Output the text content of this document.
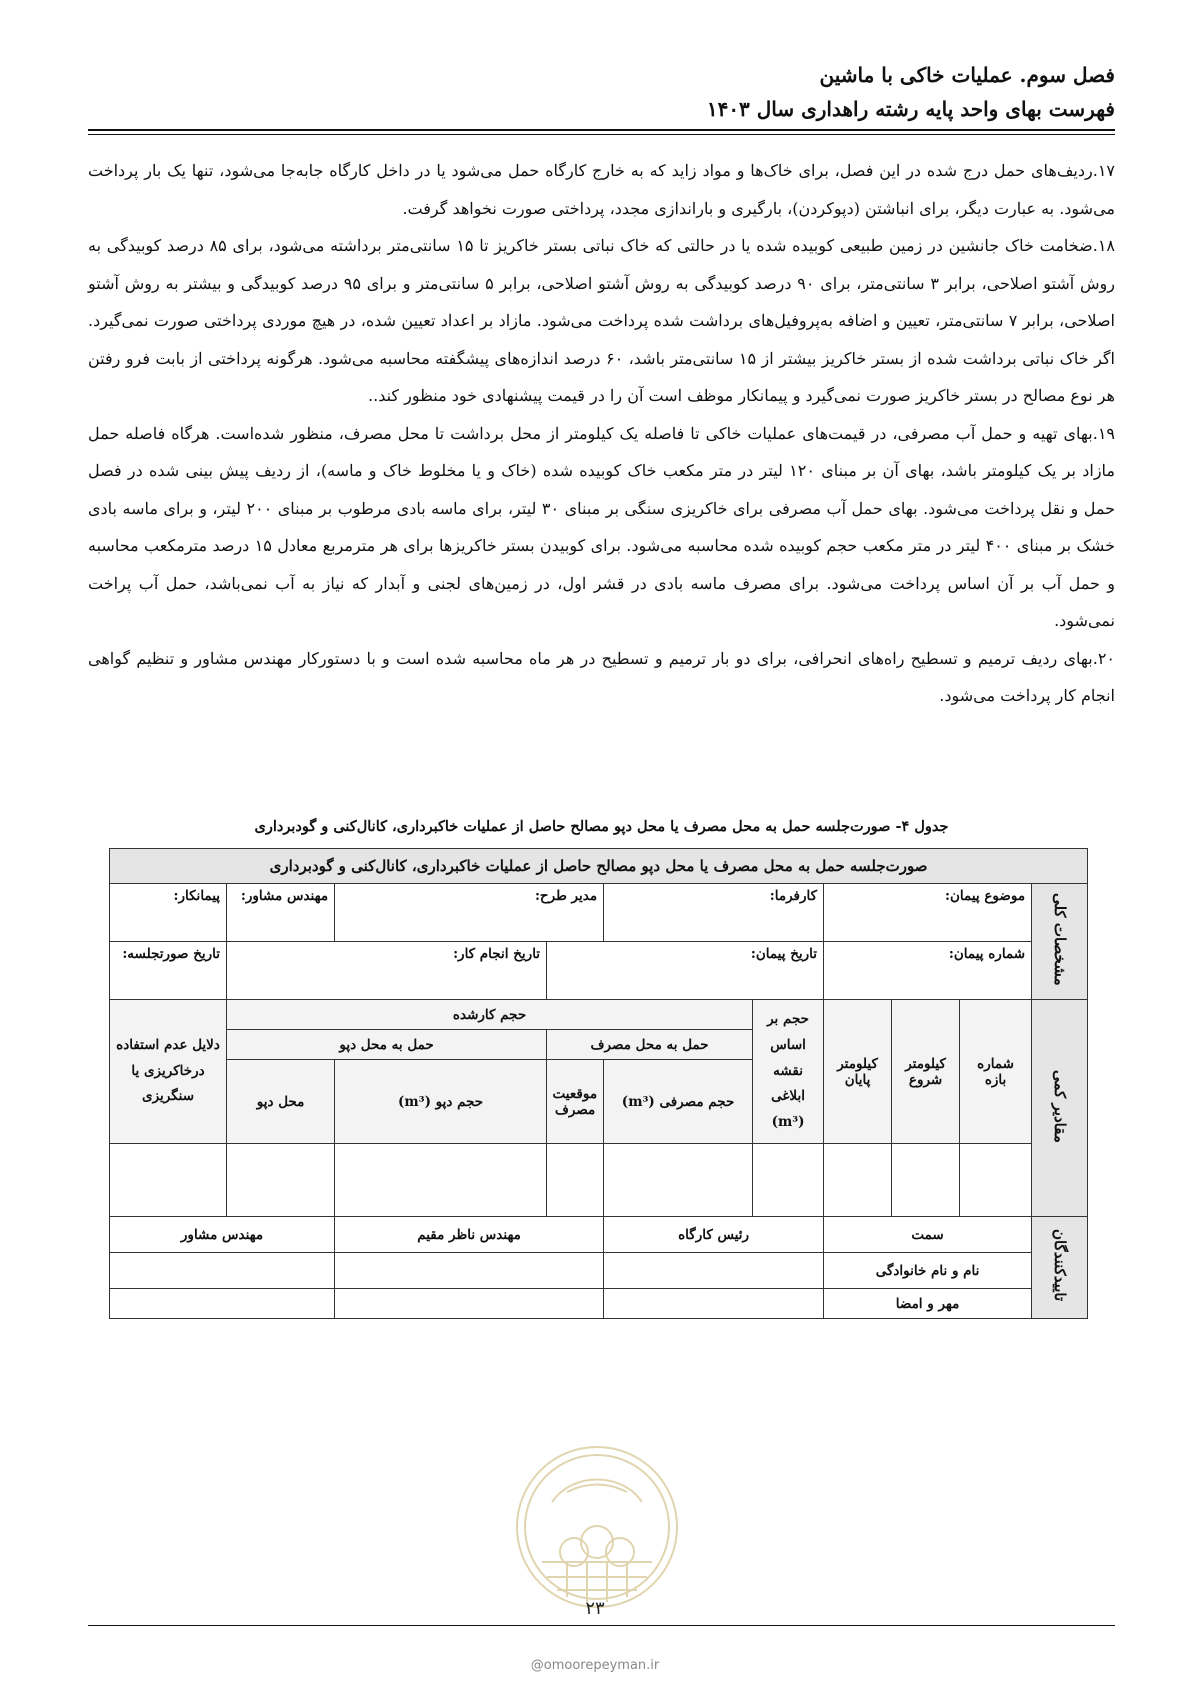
فصل سوم. عملیات خاکی با ماشین
فهرست بهای واحد پایه رشته راهداری سال ۱۴۰۳

۱۷.ردیف‌های حمل درج شده در این فصل، برای خاک‌ها و مواد زاید که به خارج کارگاه حمل می‌شود یا در داخل کارگاه جابه‌جا می‌شود، تنها یک بار پرداخت می‌شود. به عبارت دیگر، برای انباشتن (دپوکردن)، بارگیری و باراندازی مجدد، پرداختی صورت نخواهد گرفت.

۱۸.ضخامت خاک جانشین در زمین طبیعی کوبیده شده یا در حالتی که خاک نباتی بستر خاکریز تا ۱۵ سانتی‌متر برداشته می‌شود، برای ۸۵ درصد کوبیدگی به روش آشتو اصلاحی، برابر ۳ سانتی‌متر، برای ۹۰ درصد کوبیدگی به روش آشتو اصلاحی، برابر ۵ سانتی‌متر و برای ۹۵ درصد کوبیدگی و بیشتر به روش آشتو اصلاحی، برابر ۷ سانتی‌متر، تعیین و اضافه به‌پروفیل‌های برداشت شده پرداخت می‌شود. مازاد بر اعداد تعیین شده، در هیچ موردی پرداختی صورت نمی‌گیرد. اگر خاک نباتی برداشت شده از بستر خاکریز بیشتر از ۱۵ سانتی‌متر باشد، ۶۰ درصد اندازه‌های پیشگفته محاسبه می‌شود. هرگونه پرداختی از بابت فرو رفتن هر نوع مصالح در بستر خاکریز صورت نمی‌گیرد و پیمانکار موظف است آن را در قیمت پیشنهادی خود منظور کند..

۱۹.بهای تهیه و حمل آب مصرفی، در قیمت‌های عملیات خاکی تا فاصله یک کیلومتر از محل برداشت تا محل مصرف، منظور شده‌است. هرگاه فاصله حمل مازاد بر یک کیلومتر باشد، بهای آن بر مبنای ۱۲۰ لیتر در متر مکعب خاک کوبیده شده (خاک و یا مخلوط خاک و ماسه)، از ردیف پیش بینی شده در فصل حمل و نقل پرداخت می‌شود. بهای حمل آب مصرفی برای خاکریزی سنگی بر مبنای ۳۰ لیتر، برای ماسه بادی مرطوب بر مبنای ۲۰۰ لیتر، و برای ماسه بادی خشک بر مبنای ۴۰۰ لیتر در متر مکعب حجم کوبیده شده محاسبه می‌شود. برای کوبیدن بستر خاکریزها برای هر مترمربع معادل ۱۵ درصد مترمکعب محاسبه و حمل آب بر آن اساس پرداخت می‌شود. برای مصرف ماسه بادی در قشر اول، در زمین‌های لجنی و آبدار که نیاز به آب نمی‌باشد، حمل آب پراخت نمی‌شود.

۲۰.بهای ردیف ترمیم و تسطیح راه‌های انحرافی، برای دو بار ترمیم و تسطیح در هر ماه محاسبه شده است و با دستورکار مهندس مشاور و تنظیم گواهی انجام کار پرداخت می‌شود.

جدول ۴- صورت‌جلسه حمل به محل مصرف یا محل دپو مصالح حاصل از عملیات خاکبرداری، کانال‌کنی و گودبرداری
صورت‌جلسه حمل به محل مصرف یا محل دپو مصالح حاصل از عملیات خاکبرداری، کانال‌کنی و گودبرداری									
مشخصات کلی	موضوع پیمان:			کارفرما:		مدیر طرح:		مهندس مشاور:	پیمانکار:
	شماره پیمان:			تاریخ پیمان:			تاریخ انجام کار:		تاریخ صورتجلسه:
مقادیر کمی	شماره بازه	کیلومتر شروع	کیلومتر پایان	حجم بر اساس نقشه ابلاغی (m³)	حجم کارشده				دلایل عدم استفاده درخاکریزی یا سنگریزی
					حمل به محل مصرف		حمل به محل دپو		
					حجم مصرفی (m³)	موقعیت مصرف	حجم دپو (m³)	محل دپو	

تاییدکنندگان	سمت			رئیس کارگاه		مهندس ناظر مقیم		مهندس مشاور	
	نام و نام خانوادگی								
	مهر و امضا								
۲۳
@omoorepeyman.ir
